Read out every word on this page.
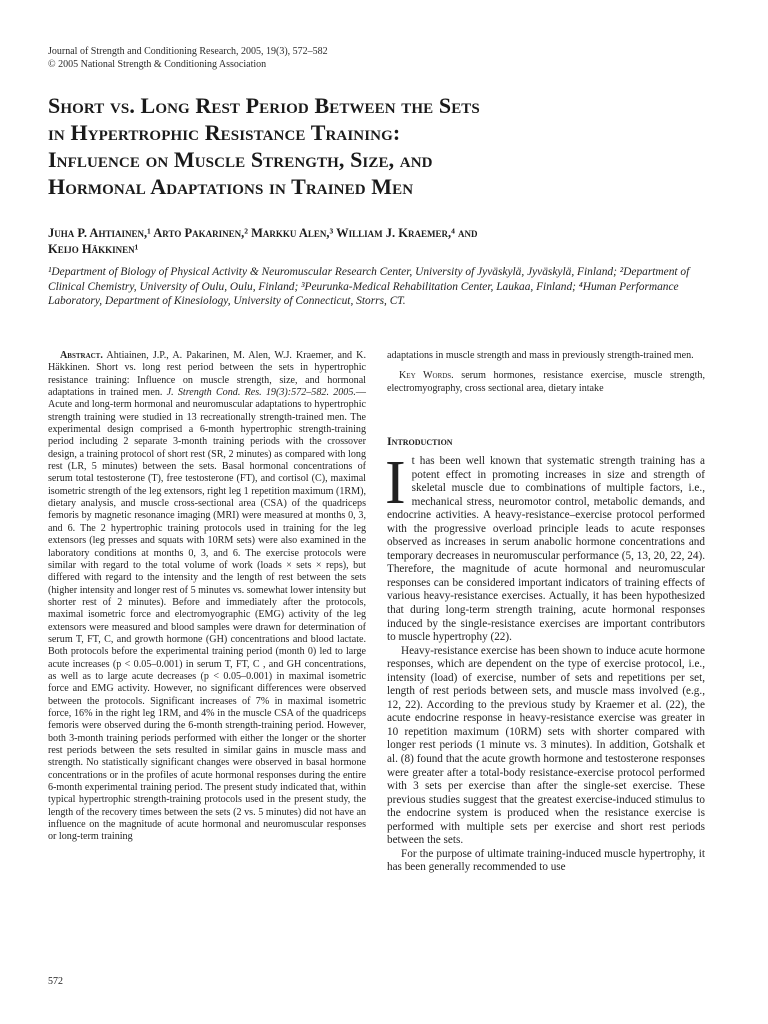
Journal of Strength and Conditioning Research, 2005, 19(3), 572–582
© 2005 National Strength & Conditioning Association
Short vs. Long Rest Period Between the Sets
in Hypertrophic Resistance Training:
Influence on Muscle Strength, Size, and
Hormonal Adaptations in Trained Men
Juha P. Ahtiainen,¹ Arto Pakarinen,² Markku Alen,³ William J. Kraemer,⁴ and
Keijo Häkkinen¹
¹Department of Biology of Physical Activity & Neuromuscular Research Center, University of Jyväskylä, Jyväskylä, Finland; ²Department of Clinical Chemistry, University of Oulu, Oulu, Finland; ³Peurunka-Medical Rehabilitation Center, Laukaa, Finland; ⁴Human Performance Laboratory, Department of Kinesiology, University of Connecticut, Storrs, CT.

Abstract. Ahtiainen, J.P., A. Pakarinen, M. Alen, W.J. Kraemer, and K. Häkkinen. Short vs. long rest period between the sets in hypertrophic resistance training: Influence on muscle strength, size, and hormonal adaptations in trained men. J. Strength Cond. Res. 19(3):572–582. 2005.—Acute and long-term hormonal and neuromuscular adaptations to hypertrophic strength training were studied in 13 recreationally strength-trained men. The experimental design comprised a 6-month hypertrophic strength-training period including 2 separate 3-month training periods with the crossover design, a training protocol of short rest (SR, 2 minutes) as compared with long rest (LR, 5 minutes) between the sets. Basal hormonal concentrations of serum total testosterone (T), free testosterone (FT), and cortisol (C), maximal isometric strength of the leg extensors, right leg 1 repetition maximum (1RM), dietary analysis, and muscle cross-sectional area (CSA) of the quadriceps femoris by magnetic resonance imaging (MRI) were measured at months 0, 3, and 6. The 2 hypertrophic training protocols used in training for the leg extensors (leg presses and squats with 10RM sets) were also examined in the laboratory conditions at months 0, 3, and 6. The exercise protocols were similar with regard to the total volume of work (loads × sets × reps), but differed with regard to the intensity and the length of rest between the sets (higher intensity and longer rest of 5 minutes vs. somewhat lower intensity but shorter rest of 2 minutes). Before and immediately after the protocols, maximal isometric force and electromyographic (EMG) activity of the leg extensors were measured and blood samples were drawn for determination of serum T, FT, C, and growth hormone (GH) concentrations and blood lactate. Both protocols before the experimental training period (month 0) led to large acute increases (p < 0.05–0.001) in serum T, FT, C , and GH concentrations, as well as to large acute decreases (p < 0.05–0.001) in maximal isometric force and EMG activity. However, no significant differences were observed between the protocols. Significant increases of 7% in maximal isometric force, 16% in the right leg 1RM, and 4% in the muscle CSA of the quadriceps femoris were observed during the 6-month strength-training period. However, both 3-month training periods performed with either the longer or the shorter rest periods between the sets resulted in similar gains in muscle mass and strength. No statistically significant changes were observed in basal hormone concentrations or in the profiles of acute hormonal responses during the entire 6-month experimental training period. The present study indicated that, within typical hypertrophic strength-training protocols used in the present study, the length of the recovery times between the sets (2 vs. 5 minutes) did not have an influence on the magnitude of acute hormonal and neuromuscular responses or long-term training

adaptations in muscle strength and mass in previously strength-trained men.

Key Words. serum hormones, resistance exercise, muscle strength, electromyography, cross sectional area, dietary intake

Introduction

It has been well known that systematic strength training has a potent effect in promoting increases in size and strength of skeletal muscle due to combinations of multiple factors, i.e., mechanical stress, neuromotor control, metabolic demands, and endocrine activities. A heavy-resistance–exercise protocol performed with the progressive overload principle leads to acute responses observed as increases in serum anabolic hormone concentrations and temporary decreases in neuromuscular performance (5, 13, 20, 22, 24). Therefore, the magnitude of acute hormonal and neuromuscular responses can be considered important indicators of training effects of various heavy-resistance exercises. Actually, it has been hypothesized that during long-term strength training, acute hormonal responses induced by the single-resistance exercises are important contributors to muscle hypertrophy (22).

Heavy-resistance exercise has been shown to induce acute hormone responses, which are dependent on the type of exercise protocol, i.e., intensity (load) of exercise, number of sets and repetitions per set, length of rest periods between sets, and muscle mass involved (e.g., 12, 22). According to the previous study by Kraemer et al. (22), the acute endocrine response in heavy-resistance exercise was greater in 10 repetition maximum (10RM) sets with shorter compared with longer rest periods (1 minute vs. 3 minutes). In addition, Gotshalk et al. (8) found that the acute growth hormone and testosterone responses were greater after a total-body resistance-exercise protocol performed with 3 sets per exercise than after the single-set exercise. These previous studies suggest that the greatest exercise-induced stimulus to the endocrine system is produced when the resistance exercise is performed with multiple sets per exercise and short rest periods between the sets.

For the purpose of ultimate training-induced muscle hypertrophy, it has been generally recommended to use

572
